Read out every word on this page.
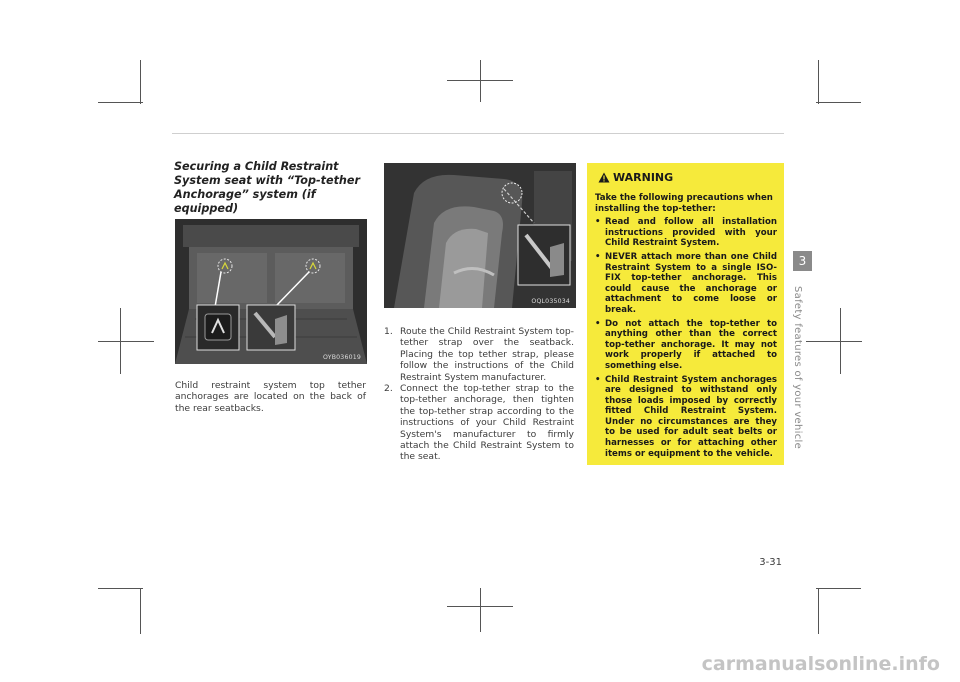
Securing a Child Restraint System seat with “Top-tether Anchorage” system (if equipped)
OYB036019
Child restraint system top tether anchorages are located on the back of the rear seatbacks.
OQL035034
1. Route the Child Restraint System top-tether strap over the seatback. Placing the top tether strap, please follow the instructions of the Child Restraint System manufacturer.
2. Connect the top-tether strap to the top-tether anchorage, then tighten the top-tether strap according to the instructions of your Child Restraint System's manufacturer to firmly attach the Child Restraint System to the seat.
WARNING

Take the following precautions when installing the top-tether:

• Read and follow all installation instructions provided with your Child Restraint System.
• NEVER attach more than one Child Restraint System to a single ISO-FIX top-tether anchorage. This could cause the anchorage or attachment to come loose or break.
• Do not attach the top-tether to anything other than the correct top-tether anchorage. It may not work properly if attached to something else.
• Child Restraint System anchorages are designed to withstand only those loads imposed by correctly fitted Child Restraint System. Under no circumstances are they to be used for adult seat belts or harnesses or for attaching other items or equipment to the vehicle.
3
Safety features of your vehicle
3-31
carmanualsonline.info
